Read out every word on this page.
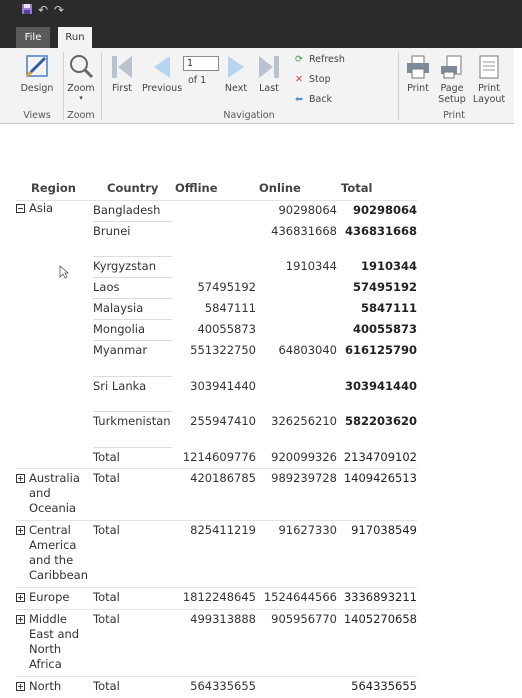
↶ ↷
File	Run
Design Zoom
▾
First	Previous
1
of 1
Next	Last
⟳ Refresh
✕ Stop
⬅ Back
Print	Page
Setup
Print
Layout
Views	Zoom	Navigation	Print
Region	Country	Offline	Online	Total
− Asia	Bangladesh		90298064	90298064

	Brunei		436831668	436831668

	Kyrgyzstan		1910344	1910344

	Laos	57495192		57495192

	Malaysia	5847111		5847111

	Mongolia	40055873		40055873

	Myanmar	551322750	64803040	616125790

	Sri Lanka	303941440		303941440

	Turkmenistan	255947410	326256210	582203620

	Total	1214609776	920099326	2134709102
+ Australia
and
Oceania	Total	420186785	989239728	1409426513
+ Central
America
and the
Caribbean	Total	825411219	91627330	917038549
+ Europe	Total	1812248645	1524644566	3336893211
+ Middle
East and
North
Africa	Total	499313888	905956770	1405270658
+ North	Total	564335655		564335655
